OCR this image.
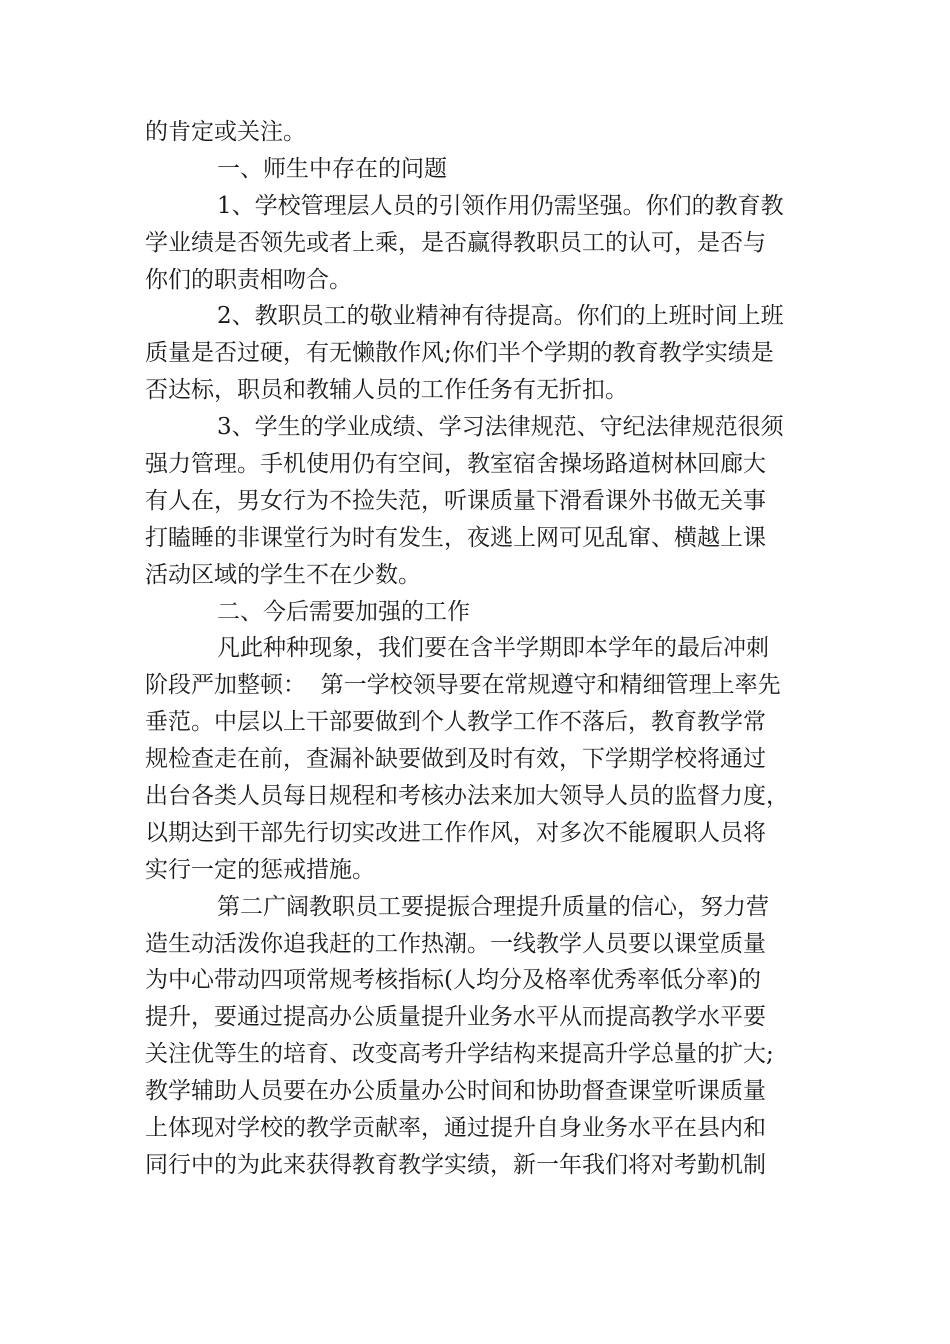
的肯定或关注。
一、师生中存在的问题
1、学校管理层人员的引领作用仍需坚强。你们的教育教
学业绩是否领先或者上乘，是否赢得教职员工的认可，是否与
你们的职责相吻合。
2、教职员工的敬业精神有待提高。你们的上班时间上班
质量是否过硬，有无懒散作风;你们半个学期的教育教学实绩是
否达标，职员和教辅人员的工作任务有无折扣。
3、学生的学业成绩、学习法律规范、守纪法律规范很须
强力管理。手机使用仍有空间，教室宿舍操场路道树林回廊大
有人在，男女行为不捡失范，听课质量下滑看课外书做无关事
打瞌睡的非课堂行为时有发生，夜逃上网可见乱窜、横越上课
活动区域的学生不在少数。
二、今后需要加强的工作
凡此种种现象，我们要在含半学期即本学年的最后冲刺
阶段严加整顿：  第一学校领导要在常规遵守和精细管理上率先
垂范。中层以上干部要做到个人教学工作不落后，教育教学常
规检查走在前，查漏补缺要做到及时有效，下学期学校将通过
出台各类人员每日规程和考核办法来加大领导人员的监督力度，
以期达到干部先行切实改进工作作风，对多次不能履职人员将
实行一定的惩戒措施。
第二广阔教职员工要提振合理提升质量的信心，努力营
造生动活泼你追我赶的工作热潮。一线教学人员要以课堂质量
为中心带动四项常规考核指标(人均分及格率优秀率低分率)的
提升，要通过提高办公质量提升业务水平从而提高教学水平要
关注优等生的培育、改变高考升学结构来提高升学总量的扩大;
教学辅助人员要在办公质量办公时间和协助督查课堂听课质量
上体现对学校的教学贡献率，通过提升自身业务水平在县内和
同行中的为此来获得教育教学实绩，新一年我们将对考勤机制
